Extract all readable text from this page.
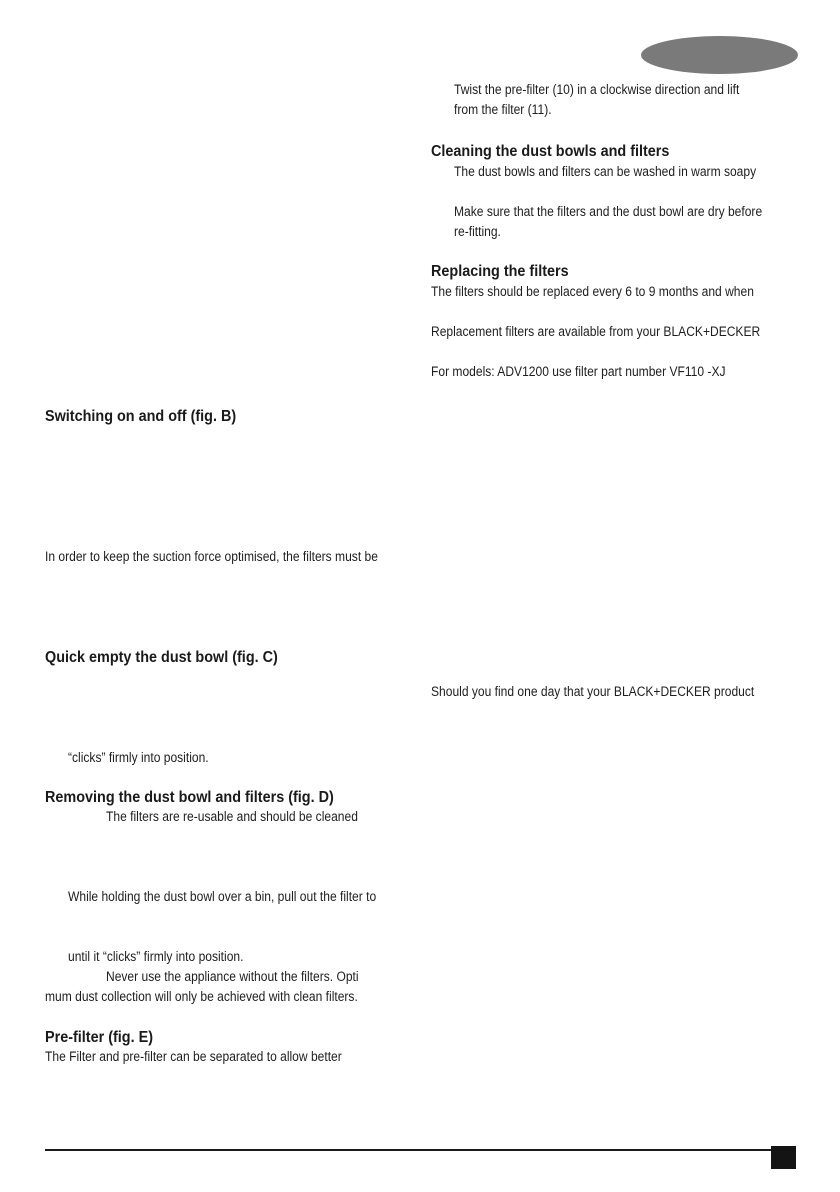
Twist the pre-filter (10) in a clockwise direction and lift
from the filter (11).
Cleaning the dust bowls and filters
The dust bowls and filters can be washed in warm soapy
Make sure that the filters and the dust bowl are dry before
re-fitting.
Replacing the filters
The filters should be replaced every 6 to 9 months and when
Replacement filters are available from your BLACK+DECKER
For models: ADV1200 use filter part number VF110 -XJ
Should you find one day that your BLACK+DECKER product
Switching on and off (fig. B)
In order to keep the suction force optimised, the filters must be
Quick empty the dust bowl (fig. C)
“clicks” firmly into position.
Removing the dust bowl and filters (fig. D)
The filters are re-usable and should be cleaned
While holding the dust bowl over a bin, pull out the filter to
until it “clicks” firmly into position.
Never use the appliance without the filters. Opti
mum dust collection will only be achieved with clean filters.
Pre-filter (fig. E)
The Filter and pre-filter can be separated to allow better
